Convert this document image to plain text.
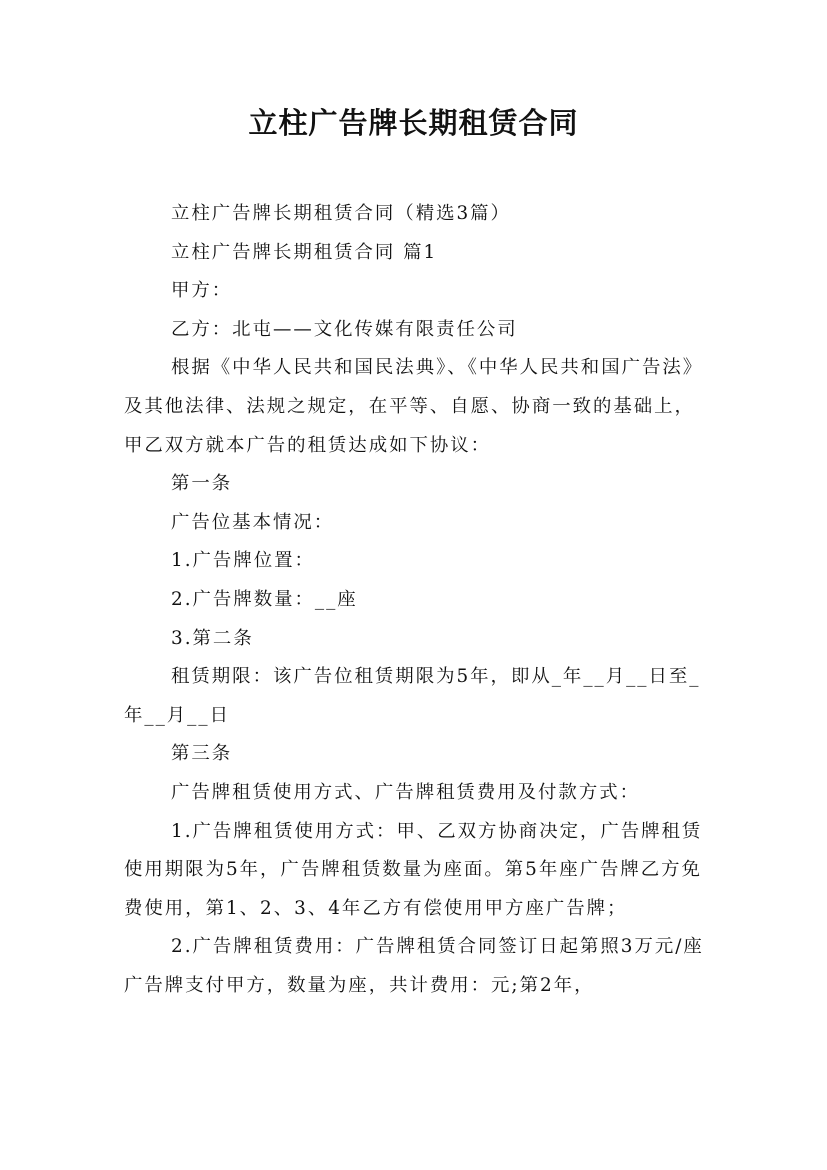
立柱广告牌长期租赁合同

立柱广告牌长期租赁合同（精选3篇）

立柱广告牌长期租赁合同 篇1

甲方：

乙方：北屯——文化传媒有限责任公司

根据《中华人民共和国民法典》、《中华人民共和国广告法》及其他法律、法规之规定，在平等、自愿、协商一致的基础上，甲乙双方就本广告的租赁达成如下协议：

第一条

广告位基本情况：

1.广告牌位置：

2.广告牌数量：__座

3.第二条

租赁期限：该广告位租赁期限为5年，即从_年__月__日至_年__月__日

第三条

广告牌租赁使用方式、广告牌租赁费用及付款方式：

1.广告牌租赁使用方式：甲、乙双方协商决定，广告牌租赁使用期限为5年，广告牌租赁数量为座面。第5年座广告牌乙方免费使用，第1、2、3、4年乙方有偿使用甲方座广告牌；

2.广告牌租赁费用：广告牌租赁合同签订日起第照3万元/座广告牌支付甲方，数量为座，共计费用：元;第2年，
